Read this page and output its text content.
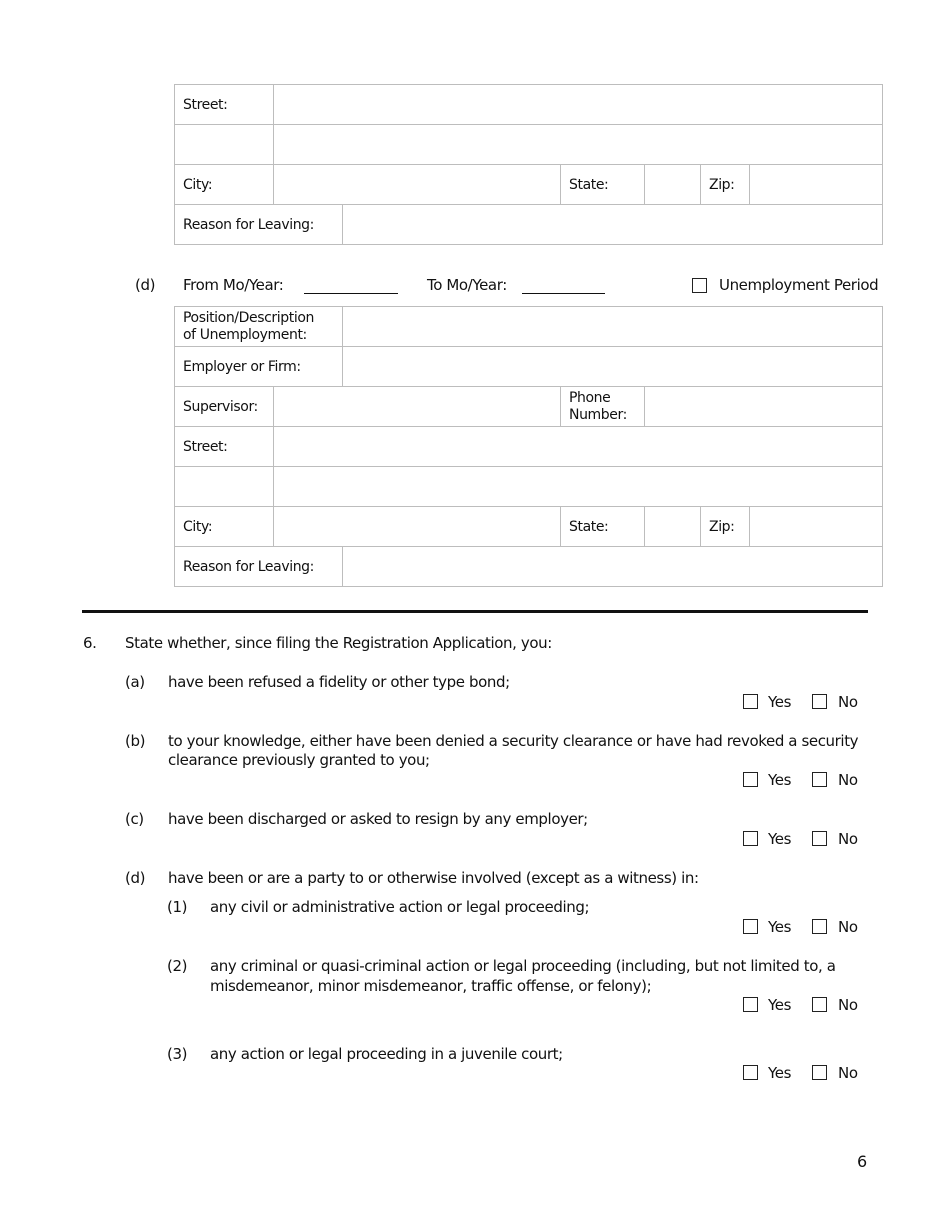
Street:						

City:			State:		Zip:	
Reason for Leaving:						
(d) From Mo/Year:	To Mo/Year:	Unemployment Period
Position/Description
of Unemployment:						

Employer or Firm:						
Supervisor:			Phone
Number:			

Street:						

City:			State:		Zip:	
Reason for Leaving:						
6. State whether, since filing the Registration Application, you:
(a) have been refused a fidelity or other type bond;
Yes	No
(b) to your knowledge, either have been denied a security clearance or have had revoked a security
clearance previously granted to you;
Yes	No
(c) have been discharged or asked to resign by any employer;
Yes	No
(d) have been or are a party to or otherwise involved (except as a witness) in:
(1) any civil or administrative action or legal proceeding;
Yes	No
(2) any criminal or quasi-criminal action or legal proceeding (including, but not limited to, a
misdemeanor, minor misdemeanor, traffic offense, or felony);
Yes	No
(3) any action or legal proceeding in a juvenile court;
Yes	No
6
